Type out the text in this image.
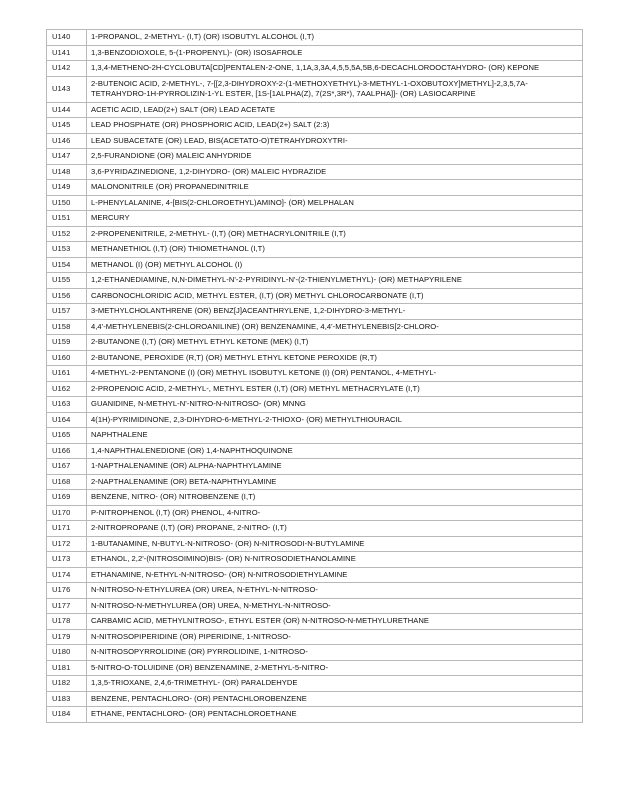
U140	1-PROPANOL, 2-METHYL- (I,T) (OR) ISOBUTYL ALCOHOL (I,T)
U141	1,3-BENZODIOXOLE, 5-(1-PROPENYL)- (OR) ISOSAFROLE
U142	1,3,4-METHENO-2H-CYCLOBUTA[CD]PENTALEN-2-ONE, 1,1A,3,3A,4,5,5,5A,5B,6-DECACHLOROOCTAHYDRO- (OR) KEPONE
U143	2-BUTENOIC ACID, 2-METHYL-, 7-[[2,3-DIHYDROXY-2-(1-METHOXYETHYL)-3-METHYL-1-OXOBUTOXY]METHYL]-2,3,5,7A-TETRAHYDRO-1H-PYRROLIZIN-1-YL ESTER, [1S-[1ALPHA(Z), 7(2S*,3R*), 7AALPHA]]- (OR) LASIOCARPINE
U144	ACETIC ACID, LEAD(2+) SALT (OR) LEAD ACETATE
U145	LEAD PHOSPHATE (OR) PHOSPHORIC ACID, LEAD(2+) SALT (2:3)
U146	LEAD SUBACETATE (OR) LEAD, BIS(ACETATO-O)TETRAHYDROXYTRI-
U147	2,5-FURANDIONE (OR) MALEIC ANHYDRIDE
U148	3,6-PYRIDAZINEDIONE, 1,2-DIHYDRO- (OR) MALEIC HYDRAZIDE
U149	MALONONITRILE (OR) PROPANEDINITRILE
U150	L-PHENYLALANINE, 4-[BIS(2-CHLOROETHYL)AMINO]- (OR) MELPHALAN
U151	MERCURY
U152	2-PROPENENITRILE, 2-METHYL- (I,T) (OR) METHACRYLONITRILE (I,T)
U153	METHANETHIOL (I,T) (OR) THIOMETHANOL (I,T)
U154	METHANOL (I) (OR) METHYL ALCOHOL (I)
U155	1,2-ETHANEDIAMINE, N,N-DIMETHYL-N'-2-PYRIDINYL-N'-(2-THIENYLMETHYL)- (OR) METHAPYRILENE
U156	CARBONOCHLORIDIC ACID, METHYL ESTER, (I,T) (OR) METHYL CHLOROCARBONATE (I,T)
U157	3-METHYLCHOLANTHRENE (OR) BENZ[J]ACEANTHRYLENE, 1,2-DIHYDRO-3-METHYL-
U158	4,4'-METHYLENEBIS(2-CHLOROANILINE) (OR) BENZENAMINE, 4,4'-METHYLENEBIS[2-CHLORO-
U159	2-BUTANONE (I,T) (OR) METHYL ETHYL KETONE (MEK) (I,T)
U160	2-BUTANONE, PEROXIDE (R,T) (OR) METHYL ETHYL KETONE PEROXIDE (R,T)
U161	4-METHYL-2-PENTANONE (I) (OR) METHYL ISOBUTYL KETONE (I) (OR) PENTANOL, 4-METHYL-
U162	2-PROPENOIC ACID, 2-METHYL-, METHYL ESTER (I,T) (OR) METHYL METHACRYLATE (I,T)
U163	GUANIDINE, N-METHYL-N'-NITRO-N-NITROSO- (OR) MNNG
U164	4(1H)-PYRIMIDINONE, 2,3-DIHYDRO-6-METHYL-2-THIOXO- (OR) METHYLTHIOURACIL
U165	NAPHTHALENE
U166	1,4-NAPHTHALENEDIONE (OR) 1,4-NAPHTHOQUINONE
U167	1-NAPTHALENAMINE (OR) ALPHA-NAPHTHYLAMINE
U168	2-NAPTHALENAMINE (OR) BETA-NAPHTHYLAMINE
U169	BENZENE, NITRO- (OR) NITROBENZENE (I,T)
U170	P-NITROPHENOL (I,T) (OR) PHENOL, 4-NITRO-
U171	2-NITROPROPANE (I,T) (OR) PROPANE, 2-NITRO- (I,T)
U172	1-BUTANAMINE, N-BUTYL-N-NITROSO- (OR) N-NITROSODI-N-BUTYLAMINE
U173	ETHANOL, 2,2'-(NITROSOIMINO)BIS- (OR) N-NITROSODIETHANOLAMINE
U174	ETHANAMINE, N-ETHYL-N-NITROSO- (OR) N-NITROSODIETHYLAMINE
U176	N-NITROSO-N-ETHYLUREA (OR) UREA, N-ETHYL-N-NITROSO-
U177	N-NITROSO-N-METHYLUREA (OR) UREA, N-METHYL-N-NITROSO-
U178	CARBAMIC ACID, METHYLNITROSO-, ETHYL ESTER (OR) N-NITROSO-N-METHYLURETHANE
U179	N-NITROSOPIPERIDINE (OR) PIPERIDINE, 1-NITROSO-
U180	N-NITROSOPYRROLIDINE (OR) PYRROLIDINE, 1-NITROSO-
U181	5-NITRO-O-TOLUIDINE (OR) BENZENAMINE, 2-METHYL-5-NITRO-
U182	1,3,5-TRIOXANE, 2,4,6-TRIMETHYL- (OR) PARALDEHYDE
U183	BENZENE, PENTACHLORO- (OR) PENTACHLOROBENZENE
U184	ETHANE, PENTACHLORO- (OR) PENTACHLOROETHANE
